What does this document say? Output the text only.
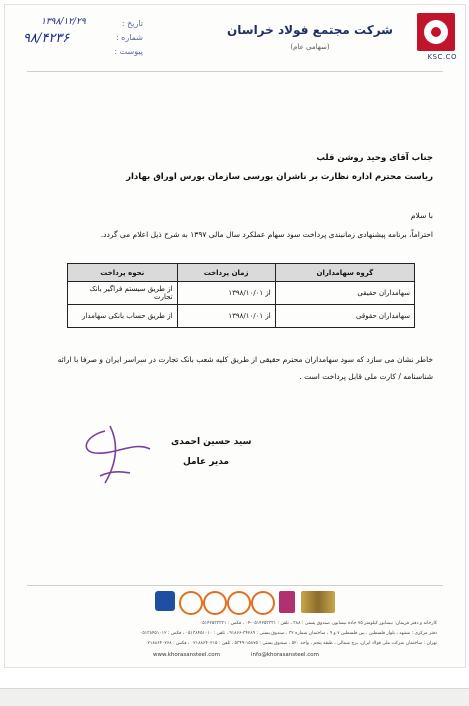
KSC.CO
شرکت مجتمع فولاد خراسان
(سهامی عام)
تاریخ :
۱۳۹۸/۱۲/۲۹
شماره :
۹۸/۴۲۳۶
پیوست :
جناب آقای وحید روشن قلب
ریاست محترم اداره نظارت بر ناشران بورسی سازمان بورس اوراق بهادار
با سلام
احتراماً، برنامه پیشنهادی زمانبندی پرداخت سود سهام عملکرد سال مالی ۱۳۹۷ به شرح ذیل اعلام می گردد.
گروه سهامداران	زمان پرداخت	نحوه پرداخت
سهامداران حقیقی	از ۱۳۹۸/۱۰/۰۱	از طریق سیستم فراگیر بانک تجارت
سهامداران حقوقی	از ۱۳۹۸/۱۰/۰۱	از طریق حساب بانکی سهامدار
خاطر نشان می سازد که سود سهامداران محترم حقیقی از طریق کلیه شعب بانک تجارت در سراسر ایران و صرفا با ارائه شناسنامه / کارت ملی قابل پرداخت است .
سید حسین احمدی
مدیر عامل
کارخانه و دفتر فریمان: نیشابور کیلومتر ۷۵ جاده نیشابور، صندوق پستی : ۳۸۸ ، تلفن : ۰۵۱۴۲۵۳۳۳۱-۰۴ ، فکس : ۰۵۱۴۲۵۳۳۳۳۱
دفتر مرکزی : مشهد ، بلوار فلسطین ، بین فلسطین ۷ و ۹ ، ساختمان شماره ۳۲ ، صندوق پستی : ۳۴۲۸۹-۹۱۸۶۶ ، تلفن : ۰۵۱۳۸۴۵۱۰۱۰ ، فکس : ۰۵۱۳۸۴۵۱۰۱۲
تهران : ساختمان شرکت ملی فولاد ایران، برج شمالی ، طبقه پنجم ، واحد ۵۲۰ ، صندوق پستی : ۱۵۸۷۵-۵۳۴۹ ، تلفن : ۰۲۱۸۸۶۴۰۲۱۵ ، فکس : ۰۲۱۸۸۶۴۰۲۶۸
www.khorasansteel.com	info@khorasansteel.com
